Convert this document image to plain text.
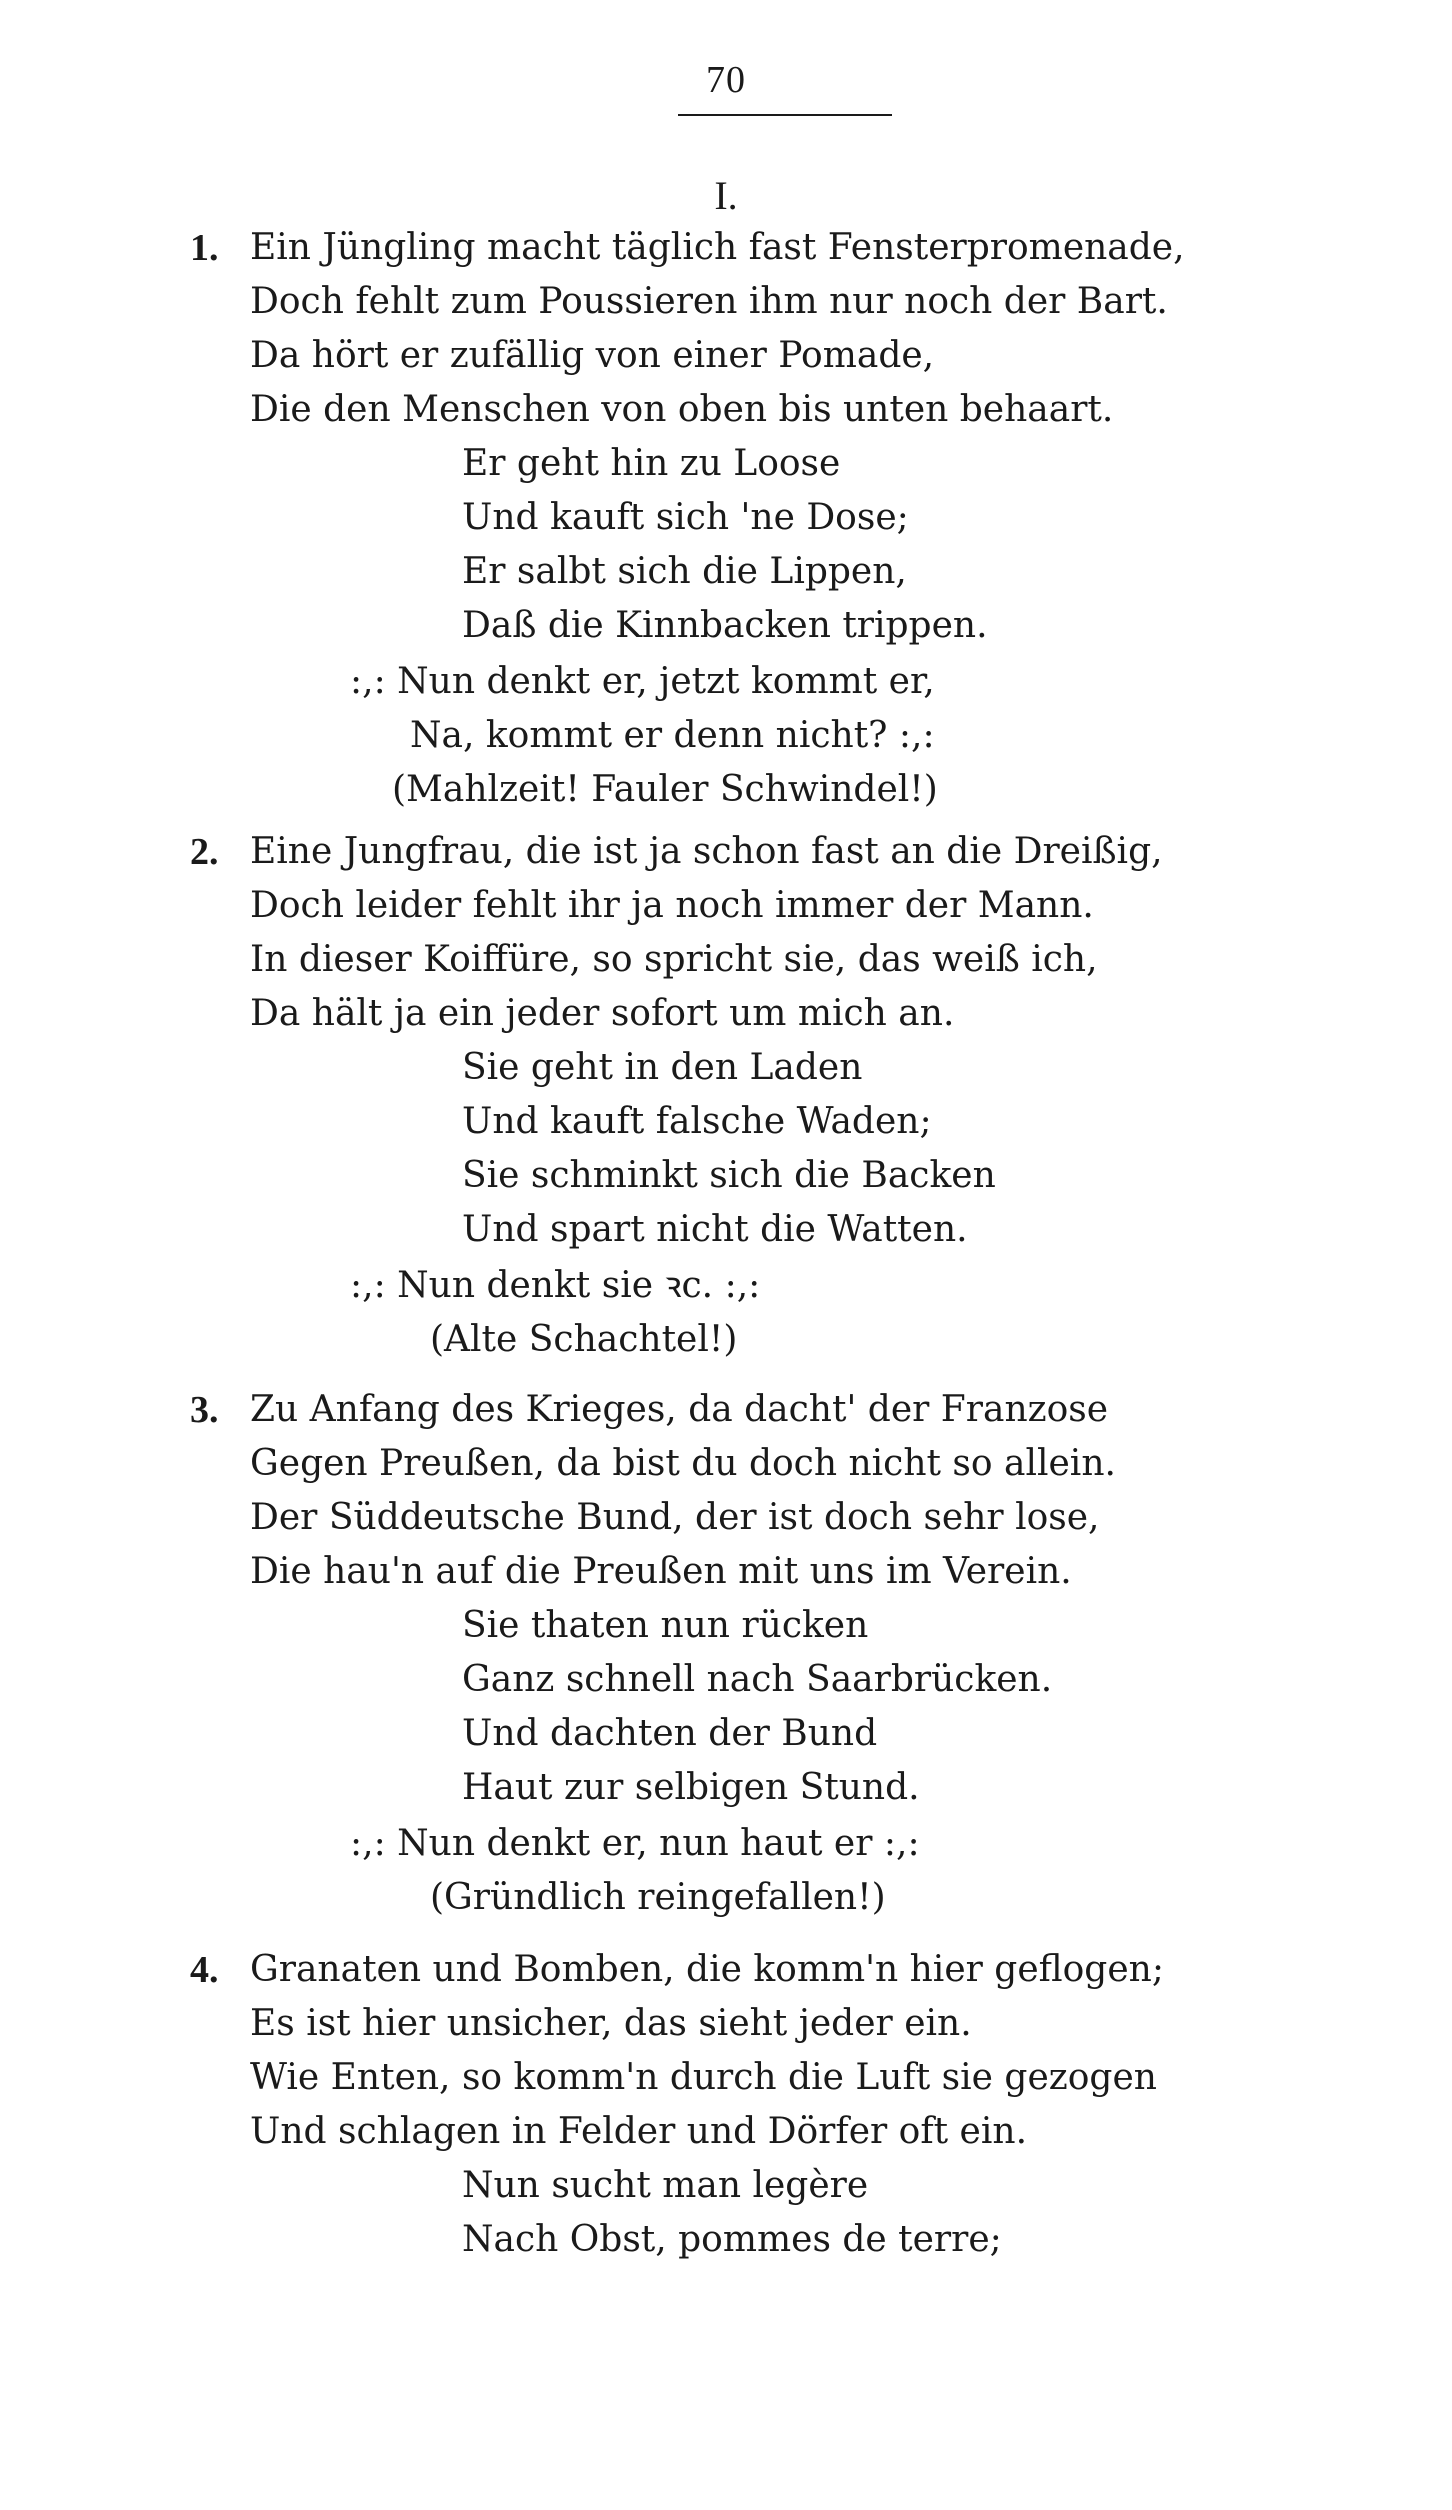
70
I.
1. Ein Jüngling macht täglich fast Fensterpromenade,
Doch fehlt zum Poussieren ihm nur noch der Bart.
Da hört er zufällig von einer Pomade,
Die den Menschen von oben bis unten behaart.
Er geht hin zu Loose
Und kauft sich 'ne Dose;
Er salbt sich die Lippen,
Daß die Kinnbacken trippen.
:,: Nun denkt er, jetzt kommt er,
Na, kommt er denn nicht? :,:
(Mahlzeit! Fauler Schwindel!)
2. Eine Jungfrau, die ist ja schon fast an die Dreißig,
Doch leider fehlt ihr ja noch immer der Mann.
In dieser Koiffüre, so spricht sie, das weiß ich,
Da hält ja ein jeder sofort um mich an.
Sie geht in den Laden
Und kauft falsche Waden;
Sie schminkt sich die Backen
Und spart nicht die Watten.
:,: Nun denkt sie ꝛc. :,:
(Alte Schachtel!)
3. Zu Anfang des Krieges, da dacht' der Franzose
Gegen Preußen, da bist du doch nicht so allein.
Der Süddeutsche Bund, der ist doch sehr lose,
Die hau'n auf die Preußen mit uns im Verein.
Sie thaten nun rücken
Ganz schnell nach Saarbrücken.
Und dachten der Bund
Haut zur selbigen Stund.
:,: Nun denkt er, nun haut er :,:
(Gründlich reingefallen!)
4. Granaten und Bomben, die komm'n hier geflogen;
Es ist hier unsicher, das sieht jeder ein.
Wie Enten, so komm'n durch die Luft sie gezogen
Und schlagen in Felder und Dörfer oft ein.
Nun sucht man legère
Nach Obst, pommes de terre;
